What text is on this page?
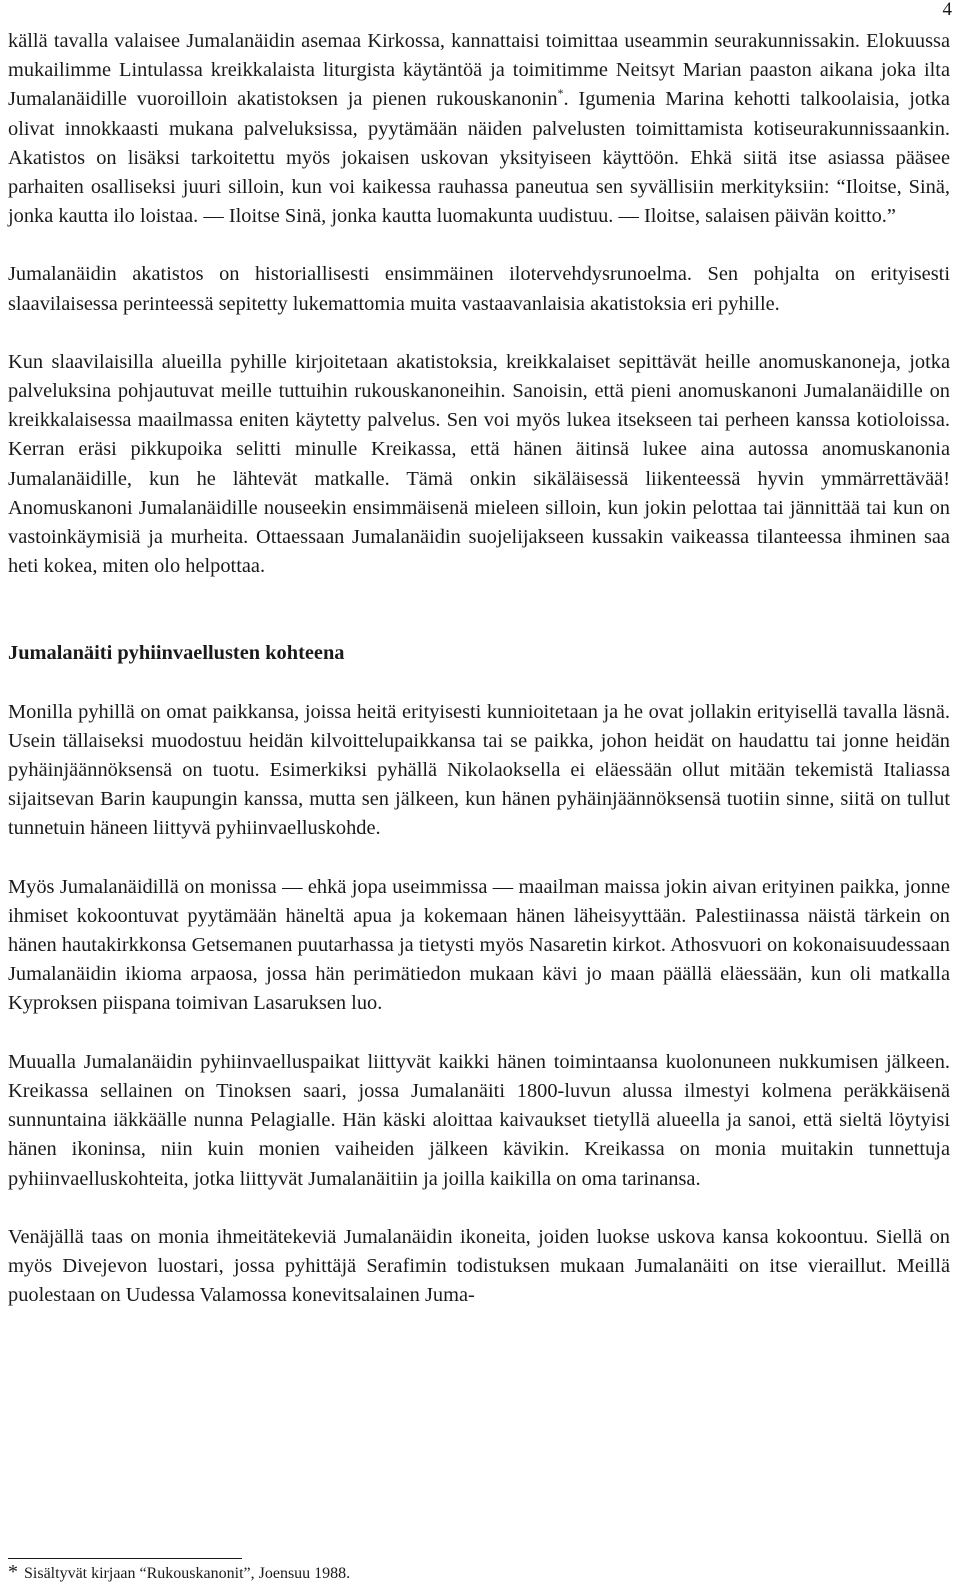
4

källä tavalla valaisee Jumalanäidin asemaa Kirkossa, kannattaisi toimittaa useammin seurakunnissakin. Elokuussa mukailimme Lintulassa kreikkalaista liturgista käytäntöä ja toimitimme Neitsyt Marian paaston aikana joka ilta Jumalanäidille vuoroilloin akatistoksen ja pienen rukouskanonin*. Igumenia Marina kehotti talkoolaisia, jotka olivat innokkaasti mukana palveluksissa, pyytämään näiden palvelusten toimittamista kotiseurakunnissaankin. Akatistos on lisäksi tarkoitettu myös jokaisen uskovan yksityiseen käyttöön. Ehkä siitä itse asiassa pääsee parhaiten osalliseksi juuri silloin, kun voi kaikessa rauhassa paneutua sen syvällisiin merkityksiin: “Iloitse, Sinä, jonka kautta ilo loistaa. — Iloitse Sinä, jonka kautta luomakunta uudistuu. — Iloitse, salaisen päivän koitto.”

Jumalanäidin akatistos on historiallisesti ensimmäinen ilotervehdysrunoelma. Sen pohjalta on erityisesti slaavilaisessa perinteessä sepitetty lukemattomia muita vastaavanlaisia akatistoksia eri pyhille.

Kun slaavilaisilla alueilla pyhille kirjoitetaan akatistoksia, kreikkalaiset sepittävät heille anomuskanoneja, jotka palveluksina pohjautuvat meille tuttuihin rukouskanoneihin. Sanoisin, että pieni anomuskanoni Jumalanäidille on kreikkalaisessa maailmassa eniten käytetty palvelus. Sen voi myös lukea itsekseen tai perheen kanssa kotioloissa. Kerran eräsi pikkupoika selitti minulle Kreikassa, että hänen äitinsä lukee aina autossa anomuskanonia Jumalanäidille, kun he lähtevät matkalle. Tämä onkin sikäläisessä liikenteessä hyvin ymmärrettävää! Anomuskanoni Jumalanäidille nouseekin ensimmäisenä mieleen silloin, kun jokin pelottaa tai jännittää tai kun on vastoinkäymisiä ja murheita. Ottaessaan Jumalanäidin suojelijakseen kussakin vaikeassa tilanteessa ihminen saa heti kokea, miten olo helpottaa.

Jumalanäiti pyhiinvaellusten kohteena

Monilla pyhillä on omat paikkansa, joissa heitä erityisesti kunnioitetaan ja he ovat jollakin erityisellä tavalla läsnä. Usein tällaiseksi muodostuu heidän kilvoittelupaikkansa tai se paikka, johon heidät on haudattu tai jonne heidän pyhäinjäännöksensä on tuotu. Esimerkiksi pyhällä Nikolaoksella ei eläessään ollut mitään tekemistä Italiassa sijaitsevan Barin kaupungin kanssa, mutta sen jälkeen, kun hänen pyhäinjäännöksensä tuotiin sinne, siitä on tullut tunnetuin häneen liittyvä pyhiinvaelluskohde.

Myös Jumalanäidillä on monissa — ehkä jopa useimmissa — maailman maissa jokin aivan erityinen paikka, jonne ihmiset kokoontuvat pyytämään häneltä apua ja kokemaan hänen läheisyyttään. Palestiinassa näistä tärkein on hänen hautakirkkonsa Getsemanen puutarhassa ja tietysti myös Nasaretin kirkot. Athosvuori on kokonaisuudessaan Jumalanäidin ikioma arpaosa, jossa hän perimätiedon mukaan kävi jo maan päällä eläessään, kun oli matkalla Kyproksen piispana toimivan Lasaruksen luo.

Muualla Jumalanäidin pyhiinvaelluspaikat liittyvät kaikki hänen toimintaansa kuolonuneen nukkumisen jälkeen. Kreikassa sellainen on Tinoksen saari, jossa Jumalanäiti 1800-luvun alussa ilmestyi kolmena peräkkäisenä sunnuntaina iäkkäälle nunna Pelagialle. Hän käski aloittaa kaivaukset tietyllä alueella ja sanoi, että sieltä löytyisi hänen ikoninsa, niin kuin monien vaiheiden jälkeen kävikin. Kreikassa on monia muitakin tunnettuja pyhiinvaelluskohteita, jotka liittyvät Jumalanäitiin ja joilla kaikilla on oma tarinansa.

Venäjällä taas on monia ihmeitätekeviä Jumalanäidin ikoneita, joiden luokse uskova kansa kokoontuu. Siellä on myös Divejevon luostari, jossa pyhittäjä Serafimin todistuksen mukaan Jumalanäiti on itse vieraillut. Meillä puolestaan on Uudessa Valamossa konevitsalainen Juma-

* Sisältyvät kirjaan “Rukouskanonit”, Joensuu 1988.
